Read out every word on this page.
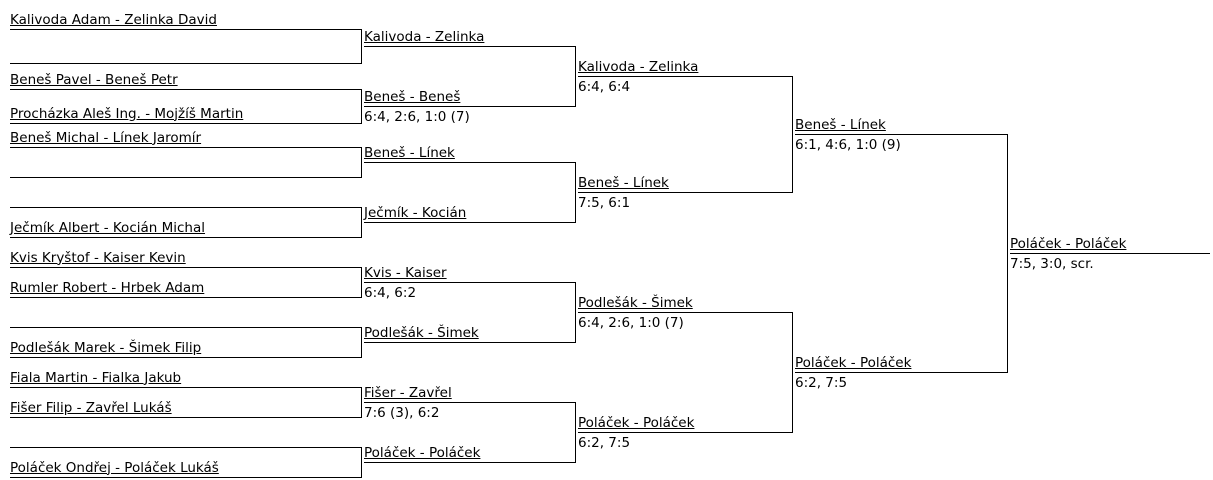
Kalivoda Adam - Zelinka David
Beneš Pavel - Beneš Petr
Procházka Aleš Ing. - Mojžíš Martin
Beneš Michal - Línek Jaromír
Ječmík Albert - Kocián Michal
Kvis Kryštof - Kaiser Kevin
Rumler Robert - Hrbek Adam
Podlešák Marek - Šimek Filip
Fiala Martin - Fialka Jakub
Fišer Filip - Zavřel Lukáš
Poláček Ondřej - Poláček Lukáš
Kalivoda - Zelinka
Beneš - Beneš
6:4, 2:6, 1:0 (7)
Beneš - Línek
Ječmík - Kocián
Kvis - Kaiser
6:4, 6:2
Podlešák - Šimek
Fišer - Zavřel
7:6 (3), 6:2
Poláček - Poláček
Kalivoda - Zelinka
6:4, 6:4
Beneš - Línek
7:5, 6:1
Podlešák - Šimek
6:4, 2:6, 1:0 (7)
Poláček - Poláček
6:2, 7:5
Beneš - Línek
6:1, 4:6, 1:0 (9)
Poláček - Poláček
6:2, 7:5
Poláček - Poláček
7:5, 3:0, scr.
